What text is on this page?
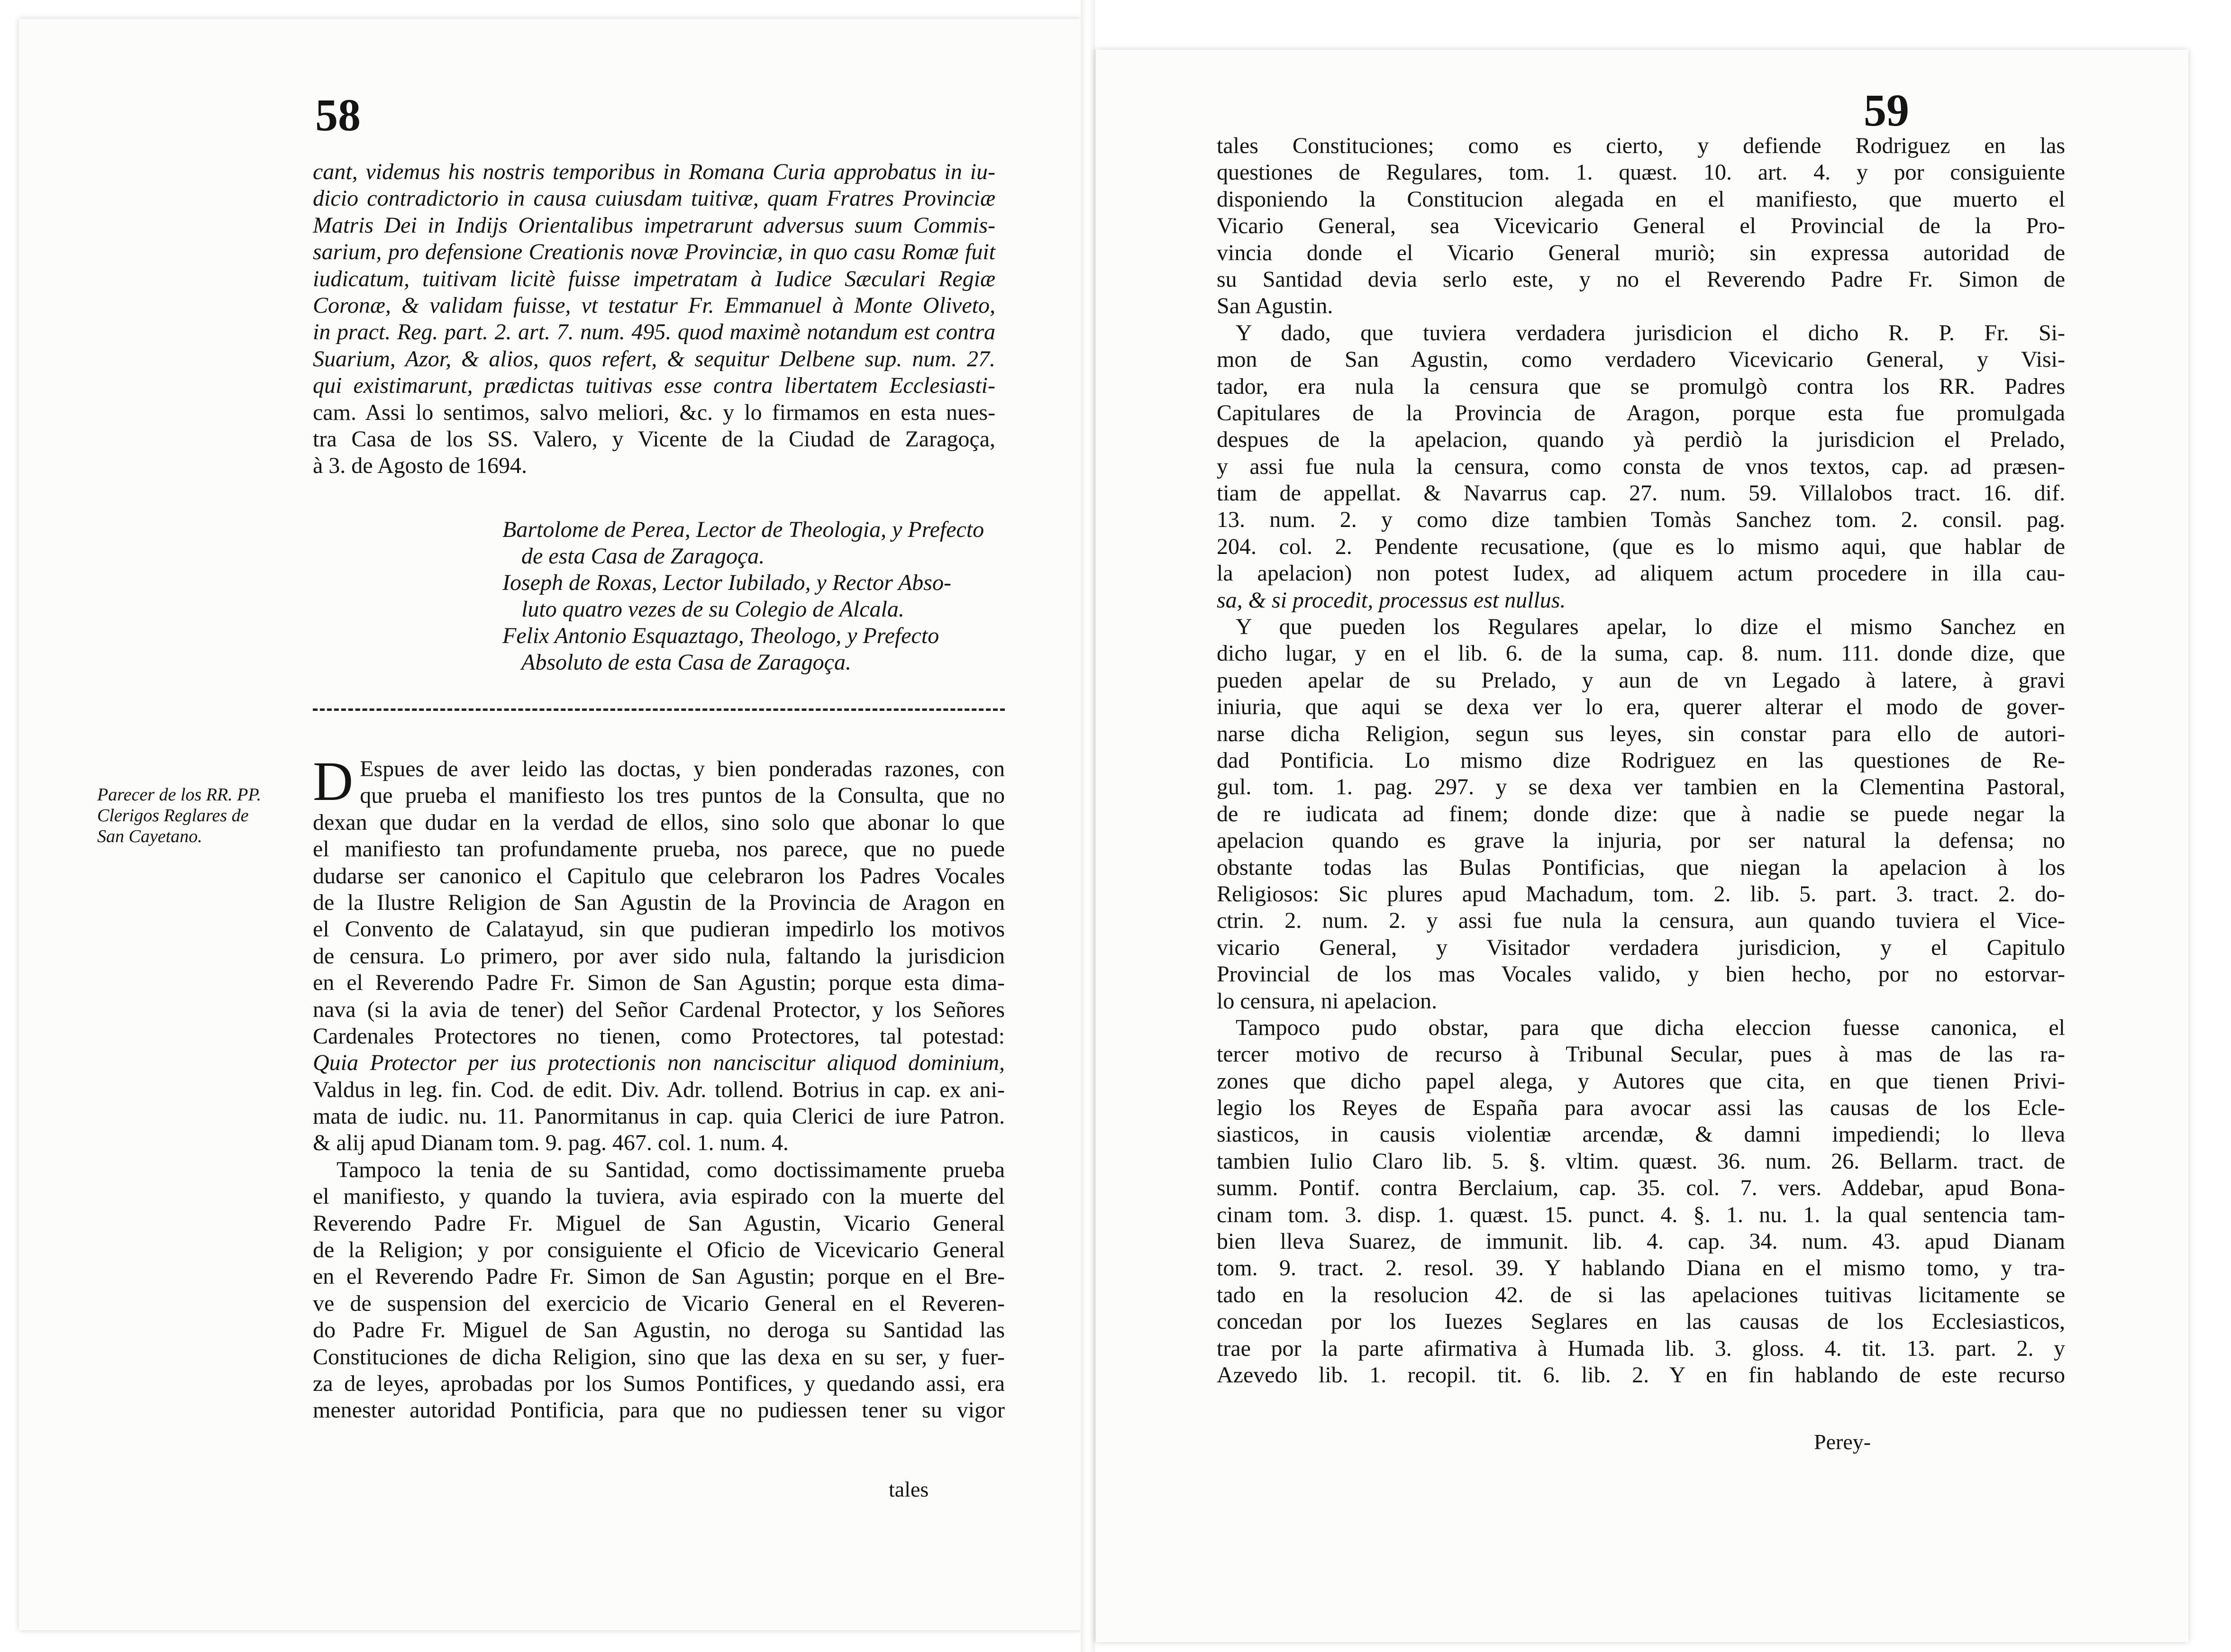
58
cant, videmus his nostris temporibus in Romana Curia approbatus in iu-
dicio contradictorio in causa cuiusdam tuitivæ, quam Fratres Provinciæ
Matris Dei in Indijs Orientalibus impetrarunt adversus suum Commis-
sarium, pro defensione Creationis novæ Provinciæ, in quo casu Romæ fuit
iudicatum, tuitivam licitè fuisse impetratam à Iudice Sæculari Regiæ
Coronæ, & validam fuisse, vt testatur Fr. Emmanuel à Monte Oliveto,
in pract. Reg. part. 2. art. 7. num. 495. quod maximè notandum est contra
Suarium, Azor, & alios, quos refert, & sequitur Delbene sup. num. 27.
qui existimarunt, prædictas tuitivas esse contra libertatem Ecclesiasti-
cam. Assi lo sentimos, salvo meliori, &c. y lo firmamos en esta nues-
tra Casa de los SS. Valero, y Vicente de la Ciudad de Zaragoça,
à 3. de Agosto de 1694.
Bartolome de Perea, Lector de Theologia, y Prefecto
de esta Casa de Zaragoça.
Ioseph de Roxas, Lector Iubilado, y Rector Abso-
luto quatro vezes de su Colegio de Alcala.
Felix Antonio Esquaztago, Theologo, y Prefecto
Absoluto de esta Casa de Zaragoça.
Parecer de los RR. PP.
Clerigos Reglares de
San Cayetano.
D Espues de aver leido las doctas, y bien ponderadas razones, con
que prueba el manifiesto los tres puntos de la Consulta, que no
dexan que dudar en la verdad de ellos, sino solo que abonar lo que
el manifiesto tan profundamente prueba, nos parece, que no puede
dudarse ser canonico el Capitulo que celebraron los Padres Vocales
de la Ilustre Religion de San Agustin de la Provincia de Aragon en
el Convento de Calatayud, sin que pudieran impedirlo los motivos
de censura. Lo primero, por aver sido nula, faltando la jurisdicion
en el Reverendo Padre Fr. Simon de San Agustin; porque esta dima-
nava (si la avia de tener) del Señor Cardenal Protector, y los Señores
Cardenales Protectores no tienen, como Protectores, tal potestad:
Quia Protector per ius protectionis non nanciscitur aliquod dominium,
Valdus in leg. fin. Cod. de edit. Div. Adr. tollend. Botrius in cap. ex ani-
mata de iudic. nu. 11. Panormitanus in cap. quia Clerici de iure Patron.
& alij apud Dianam tom. 9. pag. 467. col. 1. num. 4.
Tampoco la tenia de su Santidad, como doctissimamente prueba
el manifiesto, y quando la tuviera, avia espirado con la muerte del
Reverendo Padre Fr. Miguel de San Agustin, Vicario General
de la Religion; y por consiguiente el Oficio de Vicevicario General
en el Reverendo Padre Fr. Simon de San Agustin; porque en el Bre-
ve de suspension del exercicio de Vicario General en el Reveren-
do Padre Fr. Miguel de San Agustin, no deroga su Santidad las
Constituciones de dicha Religion, sino que las dexa en su ser, y fuer-
za de leyes, aprobadas por los Sumos Pontifices, y quedando assi, era
menester autoridad Pontificia, para que no pudiessen tener su vigor
tales
59
tales Constituciones; como es cierto, y defiende Rodriguez en las
questiones de Regulares, tom. 1. quæst. 10. art. 4. y por consiguiente
disponiendo la Constitucion alegada en el manifiesto, que muerto el
Vicario General, sea Vicevicario General el Provincial de la Pro-
vincia donde el Vicario General muriò; sin expressa autoridad de
su Santidad devia serlo este, y no el Reverendo Padre Fr. Simon de
San Agustin.
Y dado, que tuviera verdadera jurisdicion el dicho R. P. Fr. Si-
mon de San Agustin, como verdadero Vicevicario General, y Visi-
tador, era nula la censura que se promulgò contra los RR. Padres
Capitulares de la Provincia de Aragon, porque esta fue promulgada
despues de la apelacion, quando yà perdiò la jurisdicion el Prelado,
y assi fue nula la censura, como consta de vnos textos, cap. ad præsen-
tiam de appellat. & Navarrus cap. 27. num. 59. Villalobos tract. 16. dif.
13. num. 2. y como dize tambien Tomàs Sanchez tom. 2. consil. pag.
204. col. 2. Pendente recusatione, (que es lo mismo aqui, que hablar de
la apelacion) non potest Iudex, ad aliquem actum procedere in illa cau-
sa, & si procedit, processus est nullus.
Y que pueden los Regulares apelar, lo dize el mismo Sanchez en
dicho lugar, y en el lib. 6. de la suma, cap. 8. num. 111. donde dize, que
pueden apelar de su Prelado, y aun de vn Legado à latere, à gravi
iniuria, que aqui se dexa ver lo era, querer alterar el modo de gover-
narse dicha Religion, segun sus leyes, sin constar para ello de autori-
dad Pontificia. Lo mismo dize Rodriguez en las questiones de Re-
gul. tom. 1. pag. 297. y se dexa ver tambien en la Clementina Pastoral,
de re iudicata ad finem; donde dize: que à nadie se puede negar la
apelacion quando es grave la injuria, por ser natural la defensa; no
obstante todas las Bulas Pontificias, que niegan la apelacion à los
Religiosos: Sic plures apud Machadum, tom. 2. lib. 5. part. 3. tract. 2. do-
ctrin. 2. num. 2. y assi fue nula la censura, aun quando tuviera el Vice-
vicario General, y Visitador verdadera jurisdicion, y el Capitulo
Provincial de los mas Vocales valido, y bien hecho, por no estorvar-
lo censura, ni apelacion.
Tampoco pudo obstar, para que dicha eleccion fuesse canonica, el
tercer motivo de recurso à Tribunal Secular, pues à mas de las ra-
zones que dicho papel alega, y Autores que cita, en que tienen Privi-
legio los Reyes de España para avocar assi las causas de los Ecle-
siasticos, in causis violentiæ arcendæ, & damni impediendi; lo lleva
tambien Iulio Claro lib. 5. §. vltim. quæst. 36. num. 26. Bellarm. tract. de
summ. Pontif. contra Berclaium, cap. 35. col. 7. vers. Addebar, apud Bona-
cinam tom. 3. disp. 1. quæst. 15. punct. 4. §. 1. nu. 1. la qual sentencia tam-
bien lleva Suarez, de immunit. lib. 4. cap. 34. num. 43. apud Dianam
tom. 9. tract. 2. resol. 39. Y hablando Diana en el mismo tomo, y tra-
tado en la resolucion 42. de si las apelaciones tuitivas licitamente se
concedan por los Iuezes Seglares en las causas de los Ecclesiasticos,
trae por la parte afirmativa à Humada lib. 3. gloss. 4. tit. 13. part. 2. y
Azevedo lib. 1. recopil. tit. 6. lib. 2. Y en fin hablando de este recurso
Perey-
